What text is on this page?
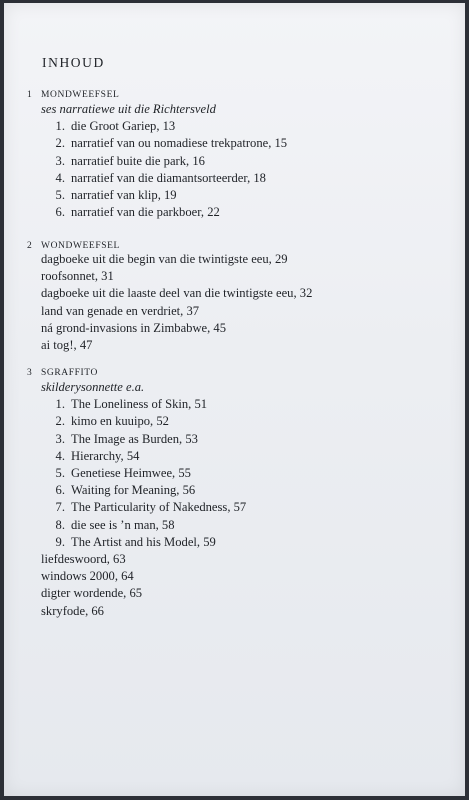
INHOUD
1 MONDWEEFSEL
ses narratiewe uit die Richtersveld
1. die Groot Gariep, 13
2. narratief van ou nomadiese trekpatrone, 15
3. narratief buite die park, 16
4. narratief van die diamantsorteerder, 18
5. narratief van klip, 19
6. narratief van die parkboer, 22
2 WONDWEEFSEL
dagboeke uit die begin van die twintigste eeu, 29
roofsonnet, 31
dagboeke uit die laaste deel van die twintigste eeu, 32
land van genade en verdriet, 37
ná grond-invasions in Zimbabwe, 45
ai tog!, 47
3 SGRAFFITO
skilderysonnette e.a.
1. The Loneliness of Skin, 51
2. kimo en kuuipo, 52
3. The Image as Burden, 53
4. Hierarchy, 54
5. Genetiese Heimwee, 55
6. Waiting for Meaning, 56
7. The Particularity of Nakedness, 57
8. die see is ’n man, 58
9. The Artist and his Model, 59
liefdeswoord, 63
windows 2000, 64
digter wordende, 65
skryfode, 66
